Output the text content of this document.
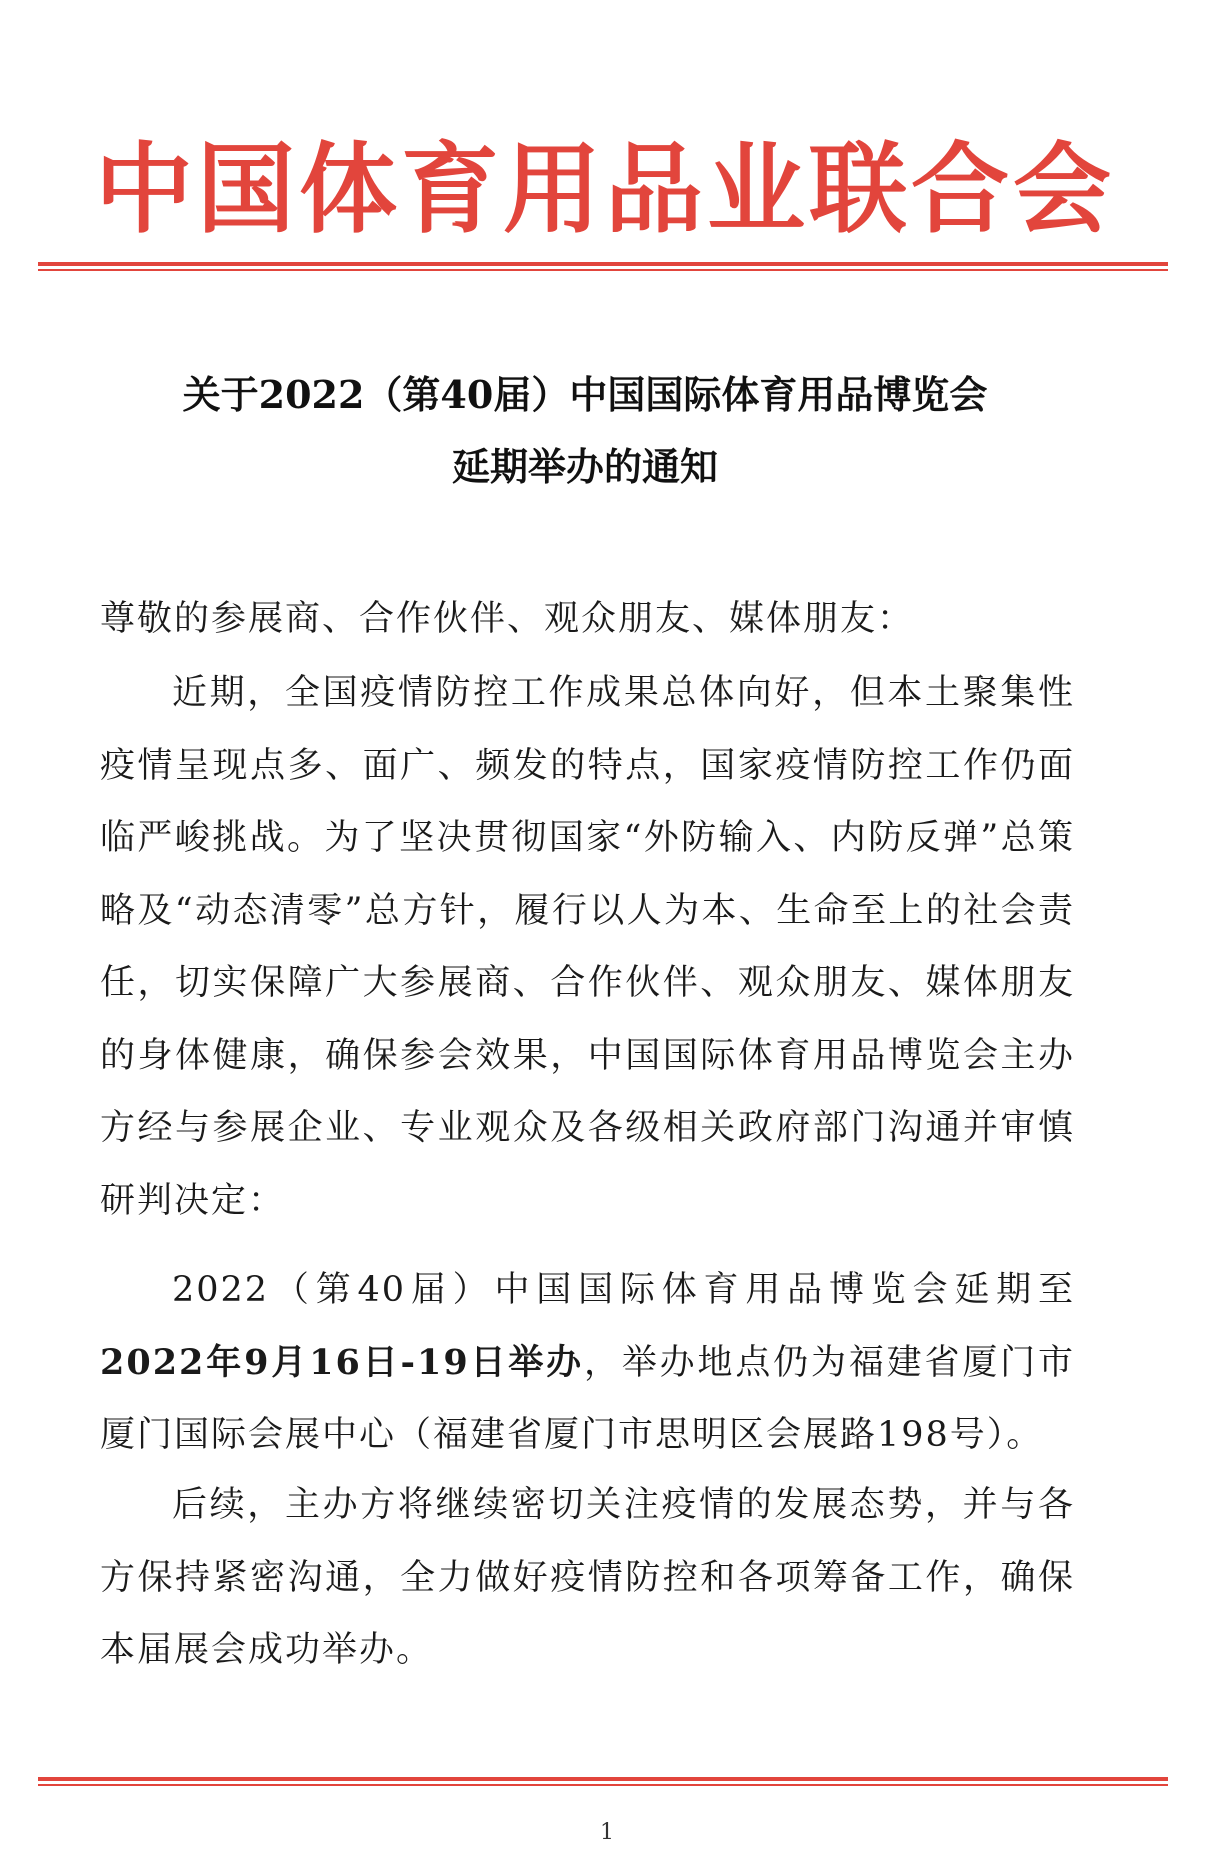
中国体育用品业联合会
关于2022（第40届）中国国际体育用品博览会
延期举办的通知
尊敬的参展商、合作伙伴、观众朋友、媒体朋友：

近期，全国疫情防控工作成果总体向好，但本土聚集性疫情呈现点多、面广、频发的特点，国家疫情防控工作仍面临严峻挑战。为了坚决贯彻国家“外防输入、内防反弹”总策略及“动态清零”总方针，履行以人为本、生命至上的社会责任，切实保障广大参展商、合作伙伴、观众朋友、媒体朋友的身体健康，确保参会效果，中国国际体育用品博览会主办方经与参展企业、专业观众及各级相关政府部门沟通并审慎研判决定：

2022（第40届）中国国际体育用品博览会延期至2022年9月16日-19日举办，举办地点仍为福建省厦门市厦门国际会展中心（福建省厦门市思明区会展路198号）。

后续，主办方将继续密切关注疫情的发展态势，并与各方保持紧密沟通，全力做好疫情防控和各项筹备工作，确保本届展会成功举办。

1
